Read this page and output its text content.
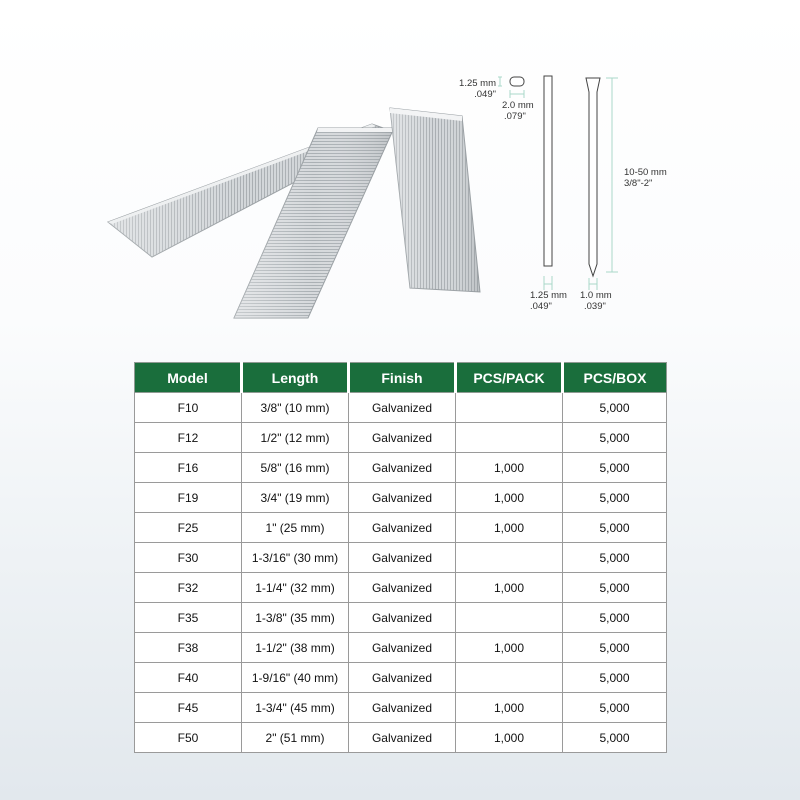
1.25 mm
.049"
2.0 mm
.079"
10-50 mm
3/8"-2"
1.25 mm
.049"
1.0 mm
.039"
Model	Length	Finish	PCS/PACK	PCS/BOX
F10	3/8" (10 mm)	Galvanized		5,000
F12	1/2" (12 mm)	Galvanized		5,000
F16	5/8" (16 mm)	Galvanized	1,000	5,000
F19	3/4" (19 mm)	Galvanized	1,000	5,000
F25	1" (25 mm)	Galvanized	1,000	5,000
F30	1-3/16" (30 mm)	Galvanized		5,000
F32	1-1/4" (32 mm)	Galvanized	1,000	5,000
F35	1-3/8" (35 mm)	Galvanized		5,000
F38	1-1/2" (38 mm)	Galvanized	1,000	5,000
F40	1-9/16" (40 mm)	Galvanized		5,000
F45	1-3/4" (45 mm)	Galvanized	1,000	5,000
F50	2" (51 mm)	Galvanized	1,000	5,000
